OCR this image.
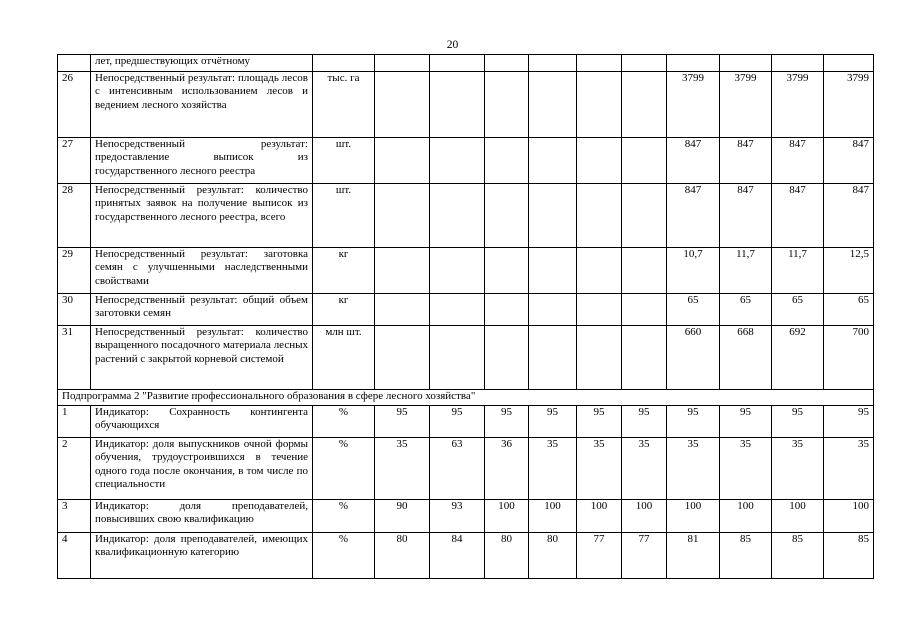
20
	лет, предшествующих отчётному											
26	Непосредственный результат: площадь лесов с интенсивным использованием лесов и ведением лесного хозяйства	тыс. га							3799	3799	3799	3799
27	Непосредственный результат: предоставление выписок из государственного лесного реестра	шт.							847	847	847	847
28	Непосредственный результат: количество принятых заявок на получение выписок из государственного лесного реестра, всего	шт.							847	847	847	847
29	Непосредственный результат: заготовка семян с улучшенными наследственными свойствами	кг							10,7	11,7	11,7	12,5
30	Непосредственный результат: общий объем заготовки семян	кг							65	65	65	65
31	Непосредственный результат: количество выращенного посадочного материала лесных растений с закрытой корневой системой	млн шт.							660	668	692	700
Подпрограмма 2 "Развитие профессионального образования в сфере лесного хозяйства"												
1	Индикатор: Сохранность контингента обучающихся	%	95	95	95	95	95	95	95	95	95	95
2	Индикатор: доля выпускников очной формы обучения, трудоустроившихся в течение одного года после окончания, в том числе по специальности	%	35	63	36	35	35	35	35	35	35	35
3	Индикатор: доля преподавателей, повысивших свою квалификацию	%	90	93	100	100	100	100	100	100	100	100
4	Индикатор: доля преподавателей, имеющих квалификационную категорию	%	80	84	80	80	77	77	81	85	85	85
